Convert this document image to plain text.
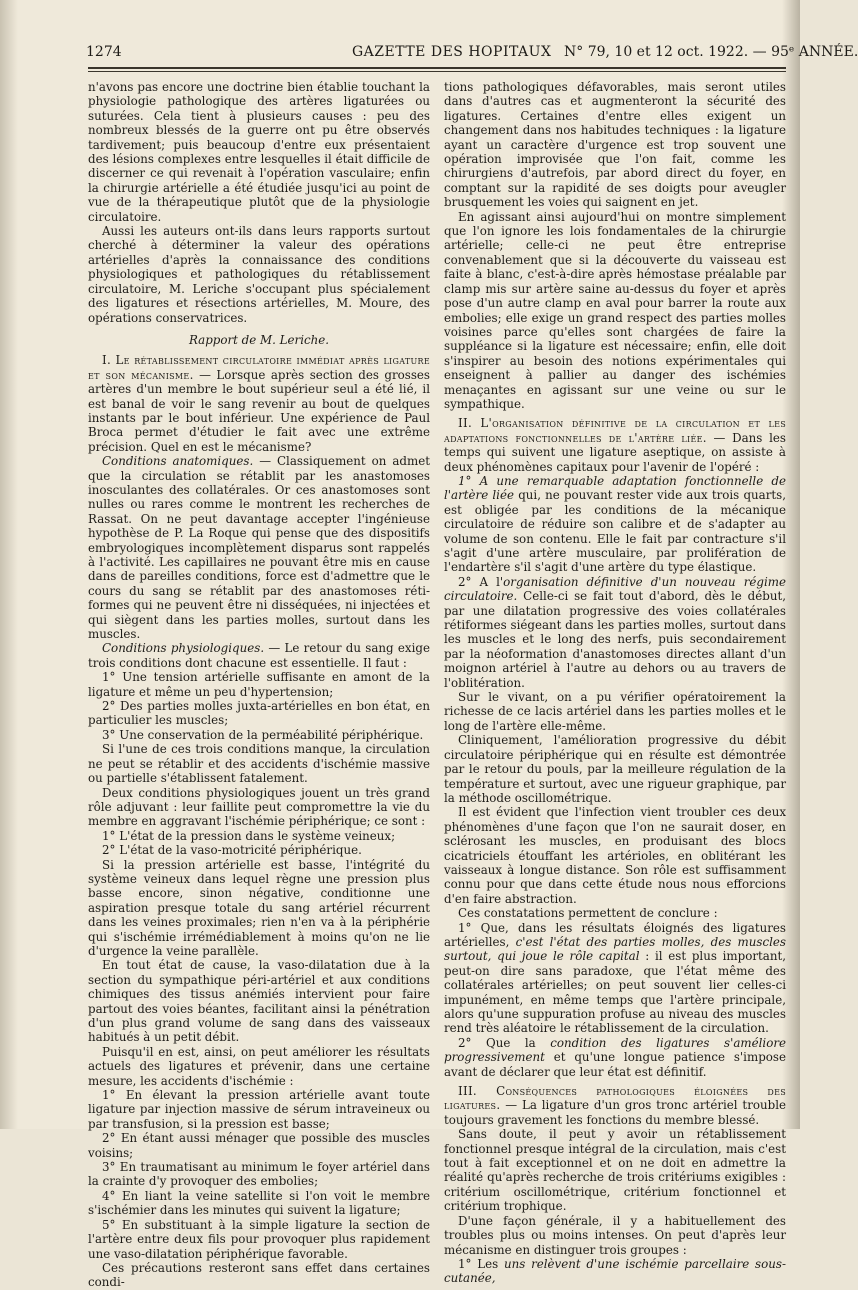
1274	GAZETTE DES HOPITAUX N° 79, 10 et 12 oct. 1922. — 95ᵉ ANNÉE.

n'avons pas encore une doctrine bien établie touchant la physiologie pathologique des artères ligaturées ou suturées. Cela tient à plusieurs causes : peu des nombreux blessés de la guerre ont pu être observés tardivement; puis beaucoup d'entre eux présentaient des lésions complexes entre lesquelles il était difficile de discerner ce qui revenait à l'opération vasculaire; enfin la chirurgie artérielle a été étudiée jusqu'ici au point de vue de la thérapeutique plutôt que de la physiologie circulatoire.

Aussi les auteurs ont-ils dans leurs rapports surtout cherché à déterminer la valeur des opérations artérielles d'après la connaissance des conditions physiologiques et pathologiques du rétablissement circulatoire, M. Leriche s'occupant plus spécialement des ligatures et résections artérielles, M. Moure, des opérations conservatrices.

Rapport de M. Leriche.

I. Le rétablissement circulatoire immédiat après ligature et son mécanisme. — Lorsque après section des grosses artères d'un membre le bout supérieur seul a été lié, il est banal de voir le sang revenir au bout de quelques instants par le bout inférieur. Une expérience de Paul Broca permet d'étudier le fait avec une extrême précision. Quel en est le mécanisme?

Conditions anatomiques. — Classiquement on admet que la circulation se rétablit par les anastomoses inosculantes des collatérales. Or ces anastomoses sont nulles ou rares comme le montrent les recherches de Rassat. On ne peut davantage accepter l'ingénieuse hypothèse de P. La Roque qui pense que des dispositifs embryologiques incomplètement disparus sont rappelés à l'activité. Les capillaires ne pouvant être mis en cause dans de pareilles conditions, force est d'admettre que le cours du sang se rétablit par des anastomoses réti-formes qui ne peuvent être ni disséquées, ni injectées et qui siègent dans les parties molles, surtout dans les muscles.

Conditions physiologiques. — Le retour du sang exige trois conditions dont chacune est essentielle. Il faut :

1° Une tension artérielle suffisante en amont de la ligature et même un peu d'hypertension;

2° Des parties molles juxta-artérielles en bon état, en particulier les muscles;

3° Une conservation de la perméabilité périphérique.

Si l'une de ces trois conditions manque, la circulation ne peut se rétablir et des accidents d'ischémie massive ou partielle s'établissent fatalement.

Deux conditions physiologiques jouent un très grand rôle adjuvant : leur faillite peut compromettre la vie du membre en aggravant l'ischémie périphérique; ce sont :

1° L'état de la pression dans le système veineux;

2° L'état de la vaso-motricité périphérique.

Si la pression artérielle est basse, l'intégrité du système veineux dans lequel règne une pression plus basse encore, sinon négative, conditionne une aspiration presque totale du sang artériel récurrent dans les veines proximales; rien n'en va à la périphérie qui s'ischémie irrémédiablement à moins qu'on ne lie d'urgence la veine parallèle.

En tout état de cause, la vaso-dilatation due à la section du sympathique péri-artériel et aux conditions chimiques des tissus anémiés intervient pour faire partout des voies béantes, facilitant ainsi la pénétration d'un plus grand volume de sang dans des vaisseaux habitués à un petit débit.

Puisqu'il en est, ainsi, on peut améliorer les résultats actuels des ligatures et prévenir, dans une certaine mesure, les accidents d'ischémie :

1° En élevant la pression artérielle avant toute ligature par injection massive de sérum intraveineux ou par transfusion, si la pression est basse;

2° En étant aussi ménager que possible des muscles voisins;

3° En traumatisant au minimum le foyer artériel dans la crainte d'y provoquer des embolies;

4° En liant la veine satellite si l'on voit le membre s'ischémier dans les minutes qui suivent la ligature;

5° En substituant à la simple ligature la section de l'artère entre deux fils pour provoquer plus rapidement une vaso-dilatation périphérique favorable.

Ces précautions resteront sans effet dans certaines condi-

tions pathologiques défavorables, mais seront utiles dans d'autres cas et augmenteront la sécurité des ligatures. Certaines d'entre elles exigent un changement dans nos habitudes techniques : la ligature ayant un caractère d'urgence est trop souvent une opération improvisée que l'on fait, comme les chirurgiens d'autrefois, par abord direct du foyer, en comptant sur la rapidité de ses doigts pour aveugler brusquement les voies qui saignent en jet.

En agissant ainsi aujourd'hui on montre simplement que l'on ignore les lois fondamentales de la chirurgie artérielle; celle-ci ne peut être entreprise convenablement que si la découverte du vaisseau est faite à blanc, c'est-à-dire après hémostase préalable par clamp mis sur artère saine au-dessus du foyer et après pose d'un autre clamp en aval pour barrer la route aux embolies; elle exige un grand respect des parties molles voisines parce qu'elles sont chargées de faire la suppléance si la ligature est nécessaire; enfin, elle doit s'inspirer au besoin des notions expérimentales qui enseignent à pallier au danger des ischémies menaçantes en agissant sur une veine ou sur le sympathique.

II. L'organisation définitive de la circulation et les adaptations fonctionnelles de l'artère liée. — Dans les temps qui suivent une ligature aseptique, on assiste à deux phénomènes capitaux pour l'avenir de l'opéré :

1° A une remarquable adaptation fonctionnelle de l'artère liée qui, ne pouvant rester vide aux trois quarts, est obligée par les conditions de la mécanique circulatoire de réduire son calibre et de s'adapter au volume de son contenu. Elle le fait par contracture s'il s'agit d'une artère musculaire, par prolifération de l'endartère s'il s'agit d'une artère du type élastique.

2° A l'organisation définitive d'un nouveau régime circulatoire. Celle-ci se fait tout d'abord, dès le début, par une dilatation progressive des voies collatérales rétiformes siégeant dans les parties molles, surtout dans les muscles et le long des nerfs, puis secondairement par la néoformation d'anastomoses directes allant d'un moignon artériel à l'autre au dehors ou au travers de l'oblitération.

Sur le vivant, on a pu vérifier opératoirement la richesse de ce lacis artériel dans les parties molles et le long de l'artère elle-même.

Cliniquement, l'amélioration progressive du débit circulatoire périphérique qui en résulte est démontrée par le retour du pouls, par la meilleure régulation de la température et surtout, avec une rigueur graphique, par la méthode oscillométrique.

Il est évident que l'infection vient troubler ces deux phénomènes d'une façon que l'on ne saurait doser, en sclérosant les muscles, en produisant des blocs cicatriciels étouffant les artérioles, en oblitérant les vaisseaux à longue distance. Son rôle est suffisamment connu pour que dans cette étude nous nous efforcions d'en faire abstraction.

Ces constatations permettent de conclure :

1° Que, dans les résultats éloignés des ligatures artérielles, c'est l'état des parties molles, des muscles surtout, qui joue le rôle capital : il est plus important, peut-on dire sans paradoxe, que l'état même des collatérales artérielles; on peut souvent lier celles-ci impunément, en même temps que l'artère principale, alors qu'une suppuration profuse au niveau des muscles rend très aléatoire le rétablissement de la circulation.

2° Que la condition des ligatures s'améliore progressivement et qu'une longue patience s'impose avant de déclarer que leur état est définitif.

III. Conséquences pathologiques éloignées des ligatures. — La ligature d'un gros tronc artériel trouble toujours gravement les fonctions du membre blessé.

Sans doute, il peut y avoir un rétablissement fonctionnel presque intégral de la circulation, mais c'est tout à fait exceptionnel et on ne doit en admettre la réalité qu'après recherche de trois critériums exigibles : critérium oscillométrique, critérium fonctionnel et critérium trophique.

D'une façon générale, il y a habituellement des troubles plus ou moins intenses. On peut d'après leur mécanisme en distinguer trois groupes :

1° Les uns relèvent d'une ischémie parcellaire sous-cutanée,
